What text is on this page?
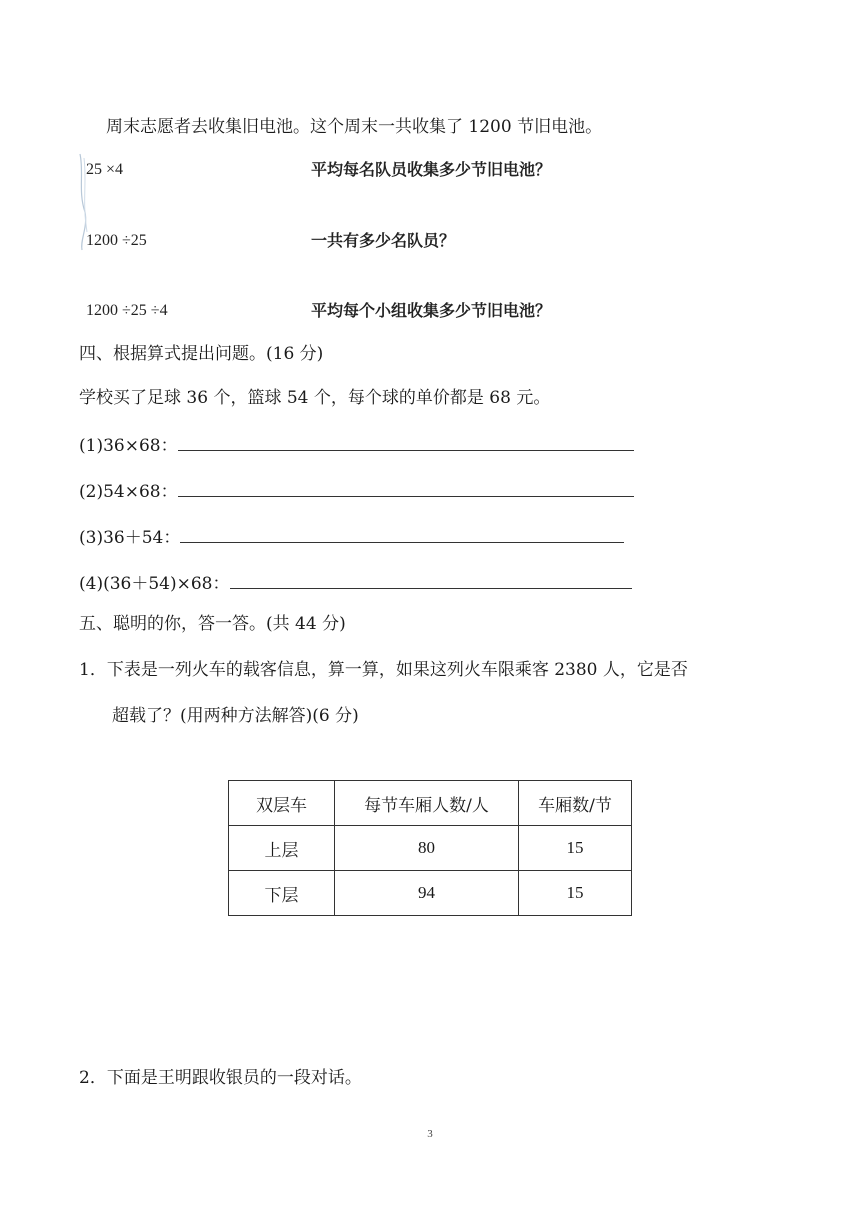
周末志愿者去收集旧电池。这个周末一共收集了 1200 节旧电池。
25 ×4	平均每名队员收集多少节旧电池？
1200 ÷25	一共有多少名队员？
1200 ÷25 ÷4	平均每个小组收集多少节旧电池？
四、根据算式提出问题。(16 分)
学校买了足球 36 个，篮球 54 个，每个球的单价都是 68 元。
(1)36×68：
(2)54×68：
(3)36＋54：
(4)(36＋54)×68：
五、聪明的你，答一答。(共 44 分)
1．下表是一列火车的载客信息，算一算，如果这列火车限乘客 2380 人，它是否
超载了？(用两种方法解答)(6 分)
双层车	每节车厢人数/人	车厢数/节
上层	80	15
下层	94	15
2．下面是王明跟收银员的一段对话。
3
